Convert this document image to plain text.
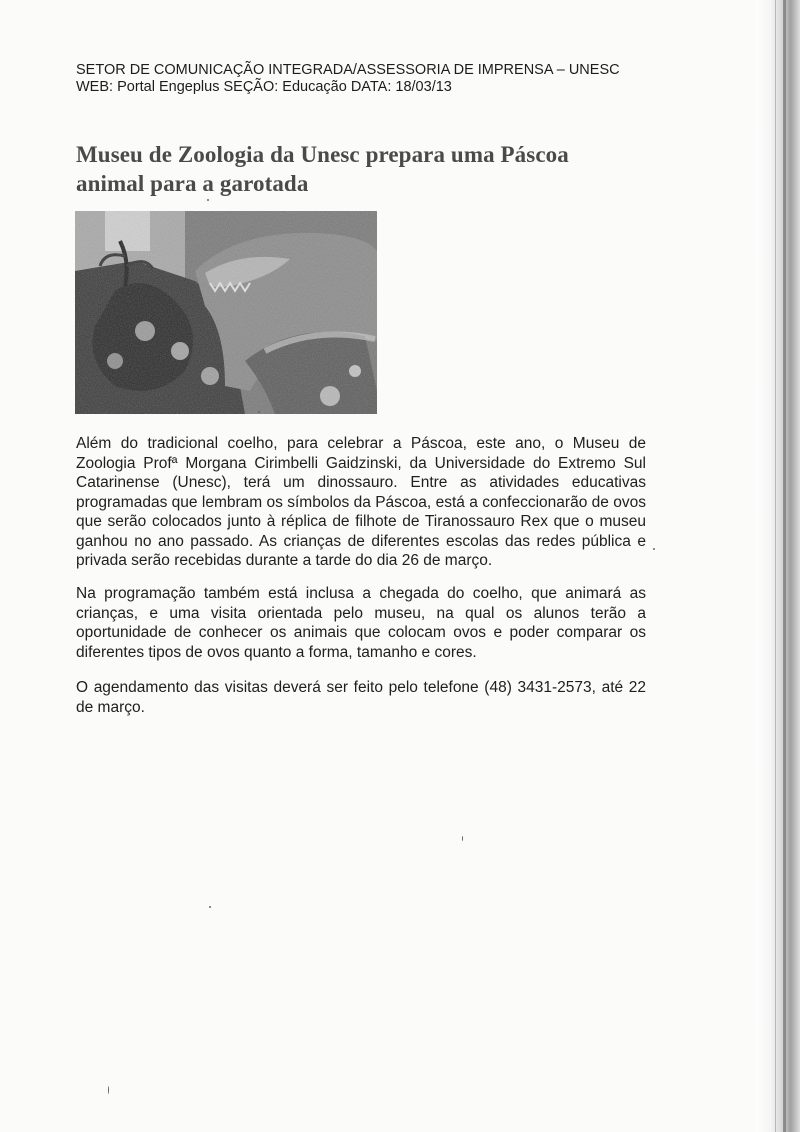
SETOR DE COMUNICAÇÃO INTEGRADA/ASSESSORIA DE IMPRENSA – UNESC
WEB: Portal Engeplus SEÇÃO: Educação DATA: 18/03/13
Museu de Zoologia da Unesc prepara uma Páscoa animal para a garotada
Além do tradicional coelho, para celebrar a Páscoa, este ano, o Museu de Zoologia Profª Morgana Cirimbelli Gaidzinski, da Universidade do Extremo Sul Catarinense (Unesc), terá um dinossauro. Entre as atividades educativas programadas que lembram os símbolos da Páscoa, está a confeccionarão de ovos que serão colocados junto à réplica de filhote de Tiranossauro Rex que o museu ganhou no ano passado. As crianças de diferentes escolas das redes pública e privada serão recebidas durante a tarde do dia 26 de março.
Na programação também está inclusa a chegada do coelho, que animará as crianças, e uma visita orientada pelo museu, na qual os alunos terão a oportunidade de conhecer os animais que colocam ovos e poder comparar os diferentes tipos de ovos quanto a forma, tamanho e cores.
O agendamento das visitas deverá ser feito pelo telefone (48) 3431-2573, até 22 de março.
